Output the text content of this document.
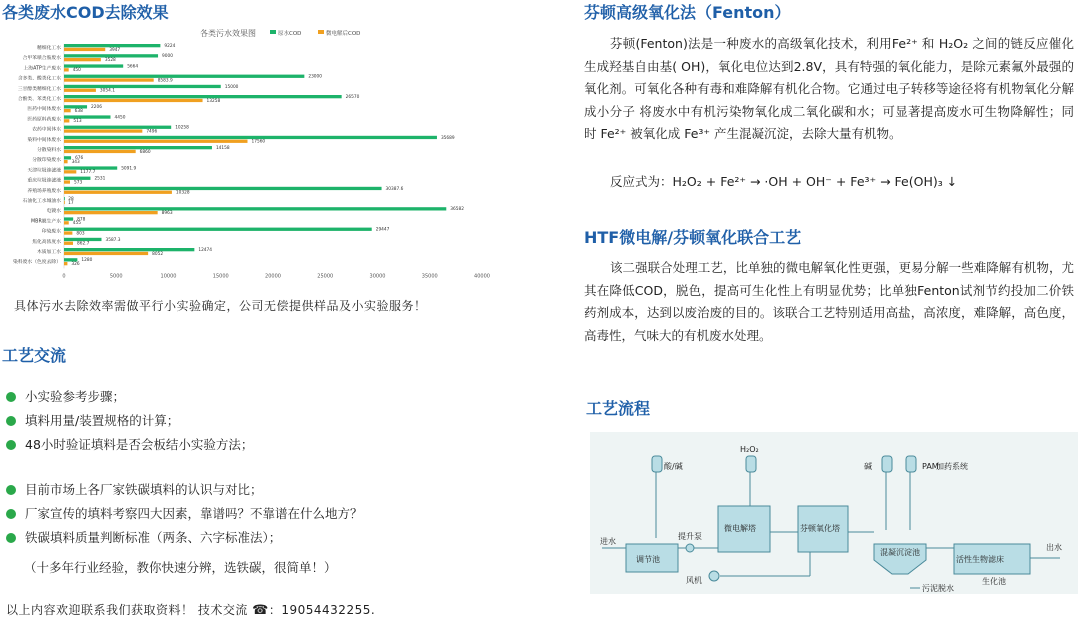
各类废水COD去除效果
各类污水效果图	原水COD	微电解后COD
精细化工水	9224
3947
合甲苯喷合胺废水	9000
3528
上海ATP生产废水	5664
450
含多类、酸类化工水	23000
8583.9
三甘醇类精细化工水	15000
3054.1
合酚类、苯类化工水	26570
13258
医药中间体废水	2206
638
医药原料药废水	4450
513
农药中间体水	10258
7496
染料中间体废水	35689
17560
分散染料水	14158
6860
分散印染废水	676
343
天津垃圾渗滤液	5091.9
1177.7
重庆垃圾渗滤液	2531
573
养殖场养殖废水	30387.6
10328
石油化工水城油水 28
17
电镀水	36582
8963
MBR膜生产水	878
455
印染废水	29447
803
焦化高浓度水	3587.3
862.7
木质加工水	12474
8052
染料废水（色度去除）	1280
326
0	5000	10000	15000	20000	25000	30000	35000	40000
具体污水去除效率需做平行小实验确定，公司无偿提供样品及小实验服务！
工艺交流
小实验参考步骤；
填料用量/装置规格的计算；
48小时验证填料是否会板结小实验方法；
目前市场上各厂家铁碳填料的认识与对比；
厂家宣传的填料考察四大因素，靠谱吗？不靠谱在什么地方？
铁碳填料质量判断标准（两条、六字标准法）；
（十多年行业经验，教你快速分辨，选铁碳，很简单！）
以上内容欢迎联系我们获取资料！ 技术交流 ☎：19054432255.
芬顿高级氧化法（Fenton）
芬顿(Fenton)法是一种废水的高级氧化技术，利用Fe²⁺ 和 H₂O₂ 之间的链反应催化生成羟基自由基( OH)，氧化电位达到2.8V，具有特强的氧化能力，是除元素氟外最强的氧化剂。可氧化各种有毒和难降解有机化合物。它通过电子转移等途径将有机物氧化分解成小分子 将废水中有机污染物氧化成二氧化碳和水；可显著提高废水可生物降解性；同时 Fe²⁺ 被氧化成 Fe³⁺ 产生混凝沉淀，去除大量有机物。
反应式为：H₂O₂ + Fe²⁺ → ·OH + OH⁻ + Fe³⁺ → Fe(OH)₃ ↓
HTF微电解/芬顿氧化联合工艺
该二强联合处理工艺，比单独的微电解氧化性更强，更易分解一些难降解有机物，尤其在降低COD，脱色，提高可生化性上有明显优势；比单独Fenton试剂节约投加二价铁药剂成本，达到以废治废的目的。该联合工艺特别适用高盐，高浓度，难降解，高色度，高毒性，气味大的有机废水处理。
工艺流程
进水
调节池
提升泵
微电解塔	芬顿氧化塔
混凝沉淀池
活性生物滤床
出水
风机
酸/碱
H₂O₂
碱	PAM
加药系统
污泥脱水
生化池
